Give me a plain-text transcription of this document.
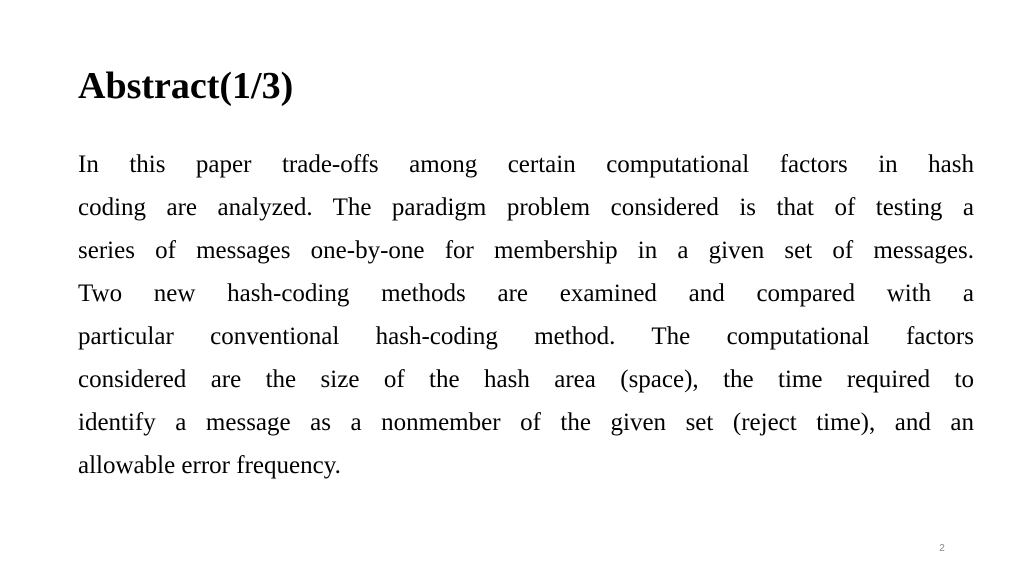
Abstract(1/3)

In this paper trade-offs among certain computational factors in hash

coding are analyzed. The paradigm problem considered is that of testing a

series of messages one-by-one for membership in a given set of messages.

Two new hash-coding methods are examined and compared with a

particular conventional hash-coding method. The computational factors

considered are the size of the hash area (space), the time required to

identify a message as a nonmember of the given set (reject time), and an

allowable error frequency.

2
